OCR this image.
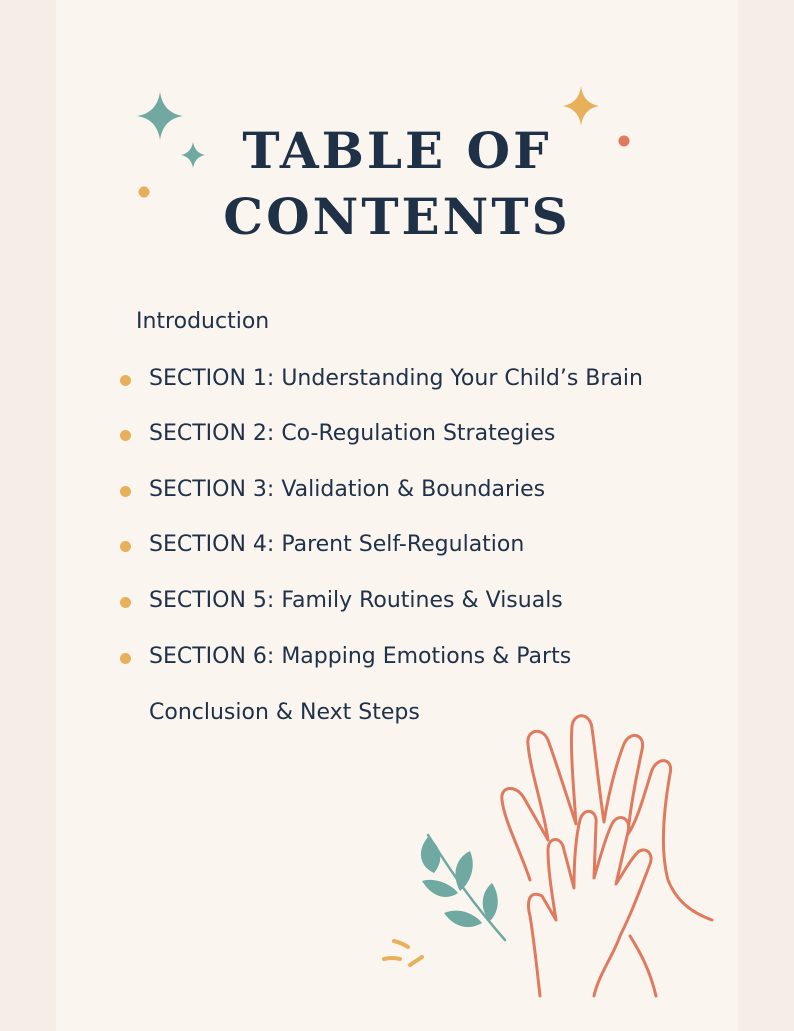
TABLE OF
CONTENTS
Introduction
SECTION 1: Understanding Your Child’s Brain
SECTION 2: Co-Regulation Strategies
SECTION 3: Validation & Boundaries
SECTION 4: Parent Self-Regulation
SECTION 5: Family Routines & Visuals
SECTION 6: Mapping Emotions & Parts
Conclusion & Next Steps
